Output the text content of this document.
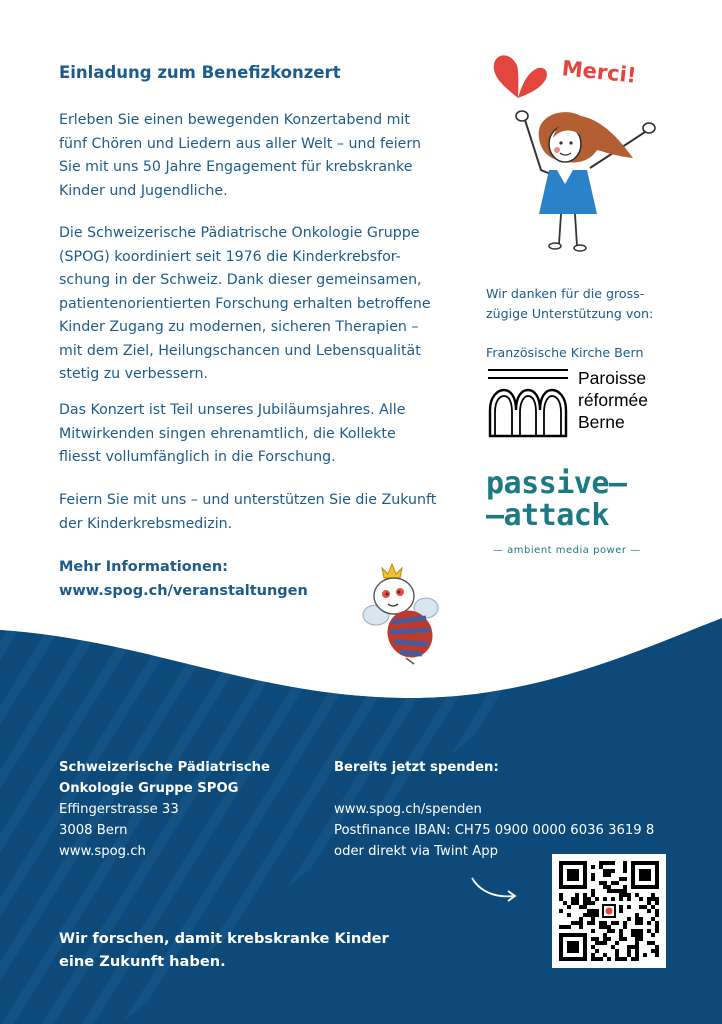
Einladung zum Benefizkonzert
Erleben Sie einen bewegenden Konzertabend mit
fünf Chören und Liedern aus aller Welt – und feiern
Sie mit uns 50 Jahre Engagement für krebskranke
Kinder und Jugendliche.
Die Schweizerische Pädiatrische Onkologie Gruppe
(SPOG) koordiniert seit 1976 die Kinderkrebsfor-
schung in der Schweiz. Dank dieser gemeinsamen,
patientenorientierten Forschung erhalten betroffene
Kinder Zugang zu modernen, sicheren Therapien –
mit dem Ziel, Heilungschancen und Lebensqualität
stetig zu verbessern.
Das Konzert ist Teil unseres Jubiläumsjahres. Alle
Mitwirkenden singen ehrenamtlich, die Kollekte
fliesst vollumfänglich in die Forschung.
Feiern Sie mit uns – und unterstützen Sie die Zukunft
der Kinderkrebsmedizin.
Mehr Informationen:
www.spog.ch/veranstaltungen
Merci!
Wir danken für die gross-
zügige Unterstützung von:
Französische Kirche Bern
Paroisse
réformée
Berne
passive—
—attack
— ambient media power —
Schweizerische Pädiatrische
Onkologie Gruppe SPOG
Effingerstrasse 33
3008 Bern
www.spog.ch
Bereits jetzt spenden:
www.spog.ch/spenden
Postfinance IBAN: CH75 0900 0000 6036 3619 8
oder direkt via Twint App
Wir forschen, damit krebskranke Kinder
eine Zukunft haben.
